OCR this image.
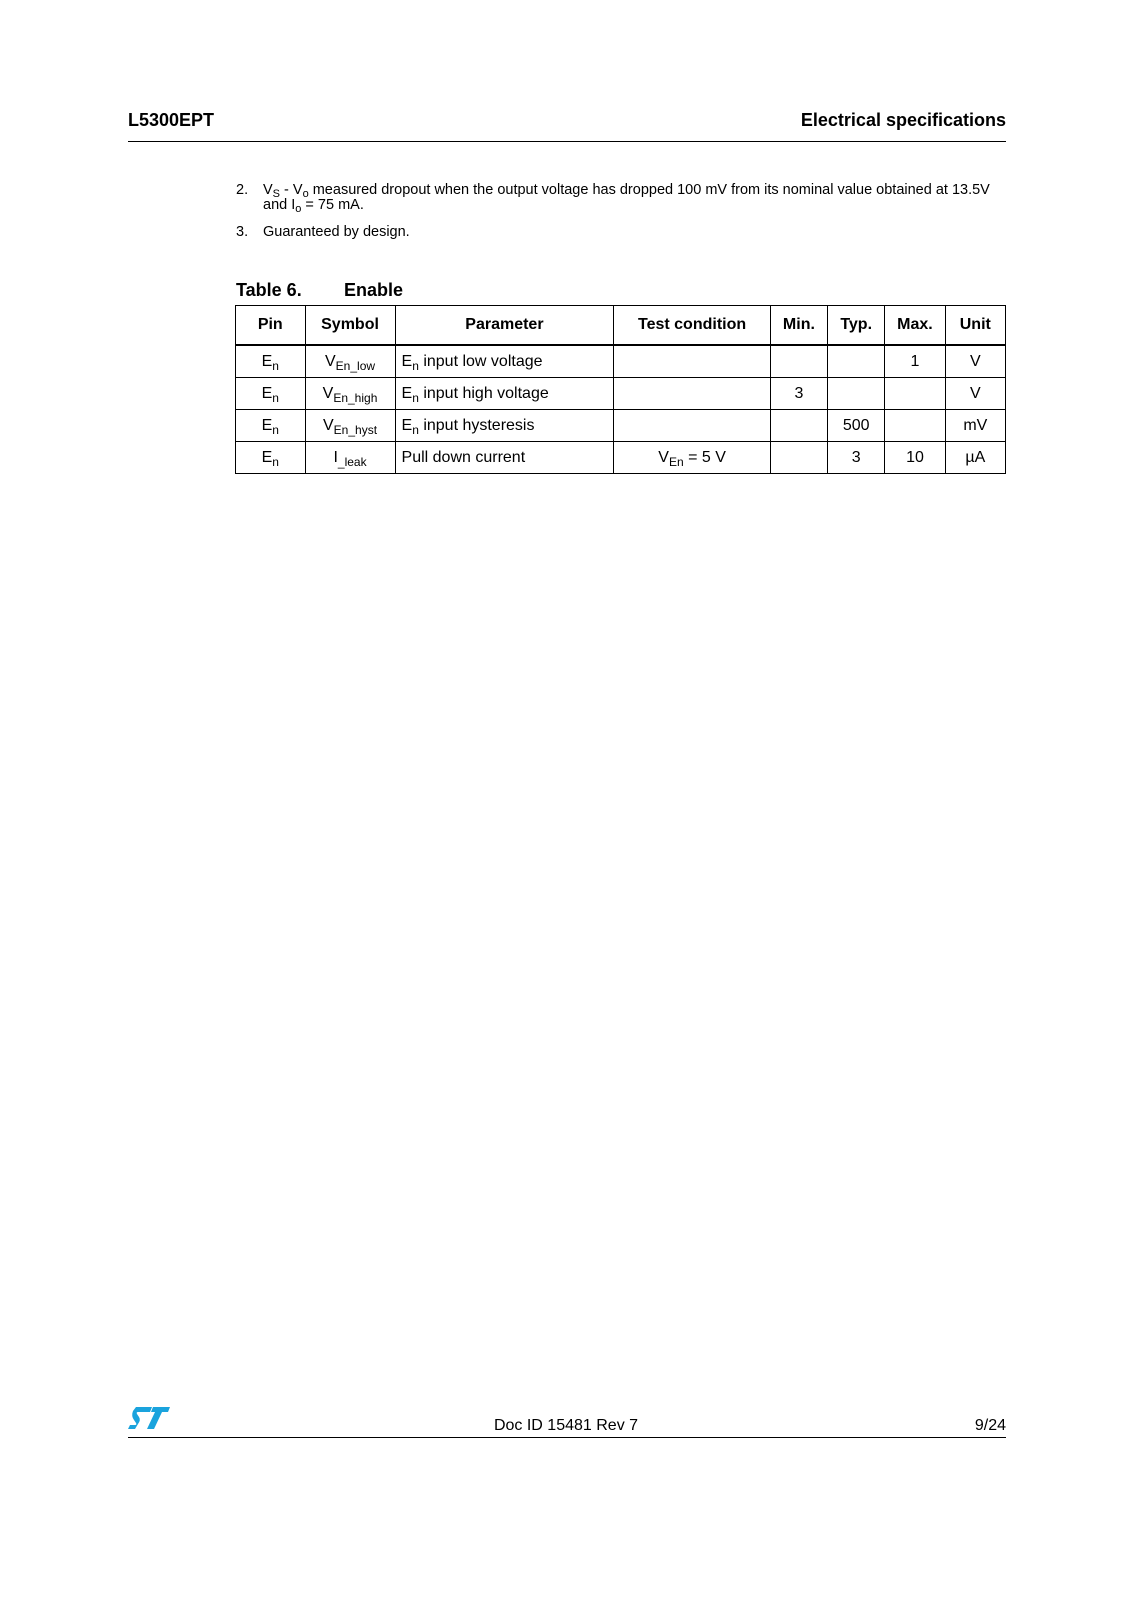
L5300EPT	Electrical specifications
2. $V_S - V_o$ measured dropout when the output voltage has dropped 100 mV from its nominal value obtained at 13.5V and $I_o = 75$ mA.
3. Guaranteed by design.
Table 6. Enable
Pin	Symbol	Parameter	Test condition	Min.	Typ.	Max.	Unit
$E_n$	$V_{En\_low}$	$E_n$ input low voltage				1	V
$E_n$	$V_{En\_high}$	$E_n$ input high voltage		3			V
$E_n$	$V_{En\_hyst}$	$E_n$ input hysteresis			500		mV
$E_n$	$I_{\_leak}$	Pull down current	$V_{En} = 5$ V		3	10	µA
Doc ID 15481 Rev 7	9/24
